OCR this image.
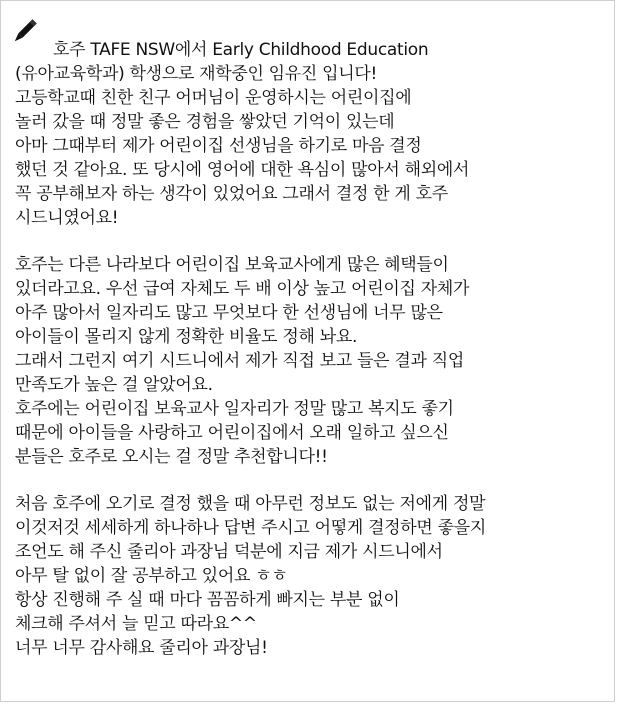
호주 TAFE NSW에서 Early Childhood Education
(유아교육학과) 학생으로 재학중인 임유진 입니다!
고등학교때 친한 친구 어머님이 운영하시는 어린이집에
놀러 갔을 때 정말 좋은 경험을 쌓았던 기억이 있는데
아마 그때부터 제가 어린이집 선생님을 하기로 마음 결정
했던 것 같아요. 또 당시에 영어에 대한 욕심이 많아서 해외에서
꼭 공부해보자 하는 생각이 있었어요 그래서 결정 한 게 호주
시드니였어요!
호주는 다른 나라보다 어린이집 보육교사에게 많은 혜택들이
있더라고요. 우선 급여 자체도 두 배 이상 높고 어린이집 자체가
아주 많아서 일자리도 많고 무엇보다 한 선생님에 너무 많은
아이들이 몰리지 않게 정확한 비율도 정해 놔요.
그래서 그런지 여기 시드니에서 제가 직접 보고 들은 결과 직업
만족도가 높은 걸 알았어요.
호주에는 어린이집 보육교사 일자리가 정말 많고 복지도 좋기
때문에 아이들을 사랑하고 어린이집에서 오래 일하고 싶으신
분들은 호주로 오시는 걸 정말 추천합니다!!
처음 호주에 오기로 결정 했을 때 아무런 정보도 없는 저에게 정말
이것저것 세세하게 하나하나 답변 주시고 어떻게 결정하면 좋을지
조언도 해 주신 줄리아 과장님 덕분에 지금 제가 시드니에서
아무 탈 없이 잘 공부하고 있어요 ㅎㅎ
항상 진행해 주 실 때 마다 꼼꼼하게 빠지는 부분 없이
체크해 주셔서 늘 믿고 따라요^^
너무 너무 감사해요 줄리아 과장님!
